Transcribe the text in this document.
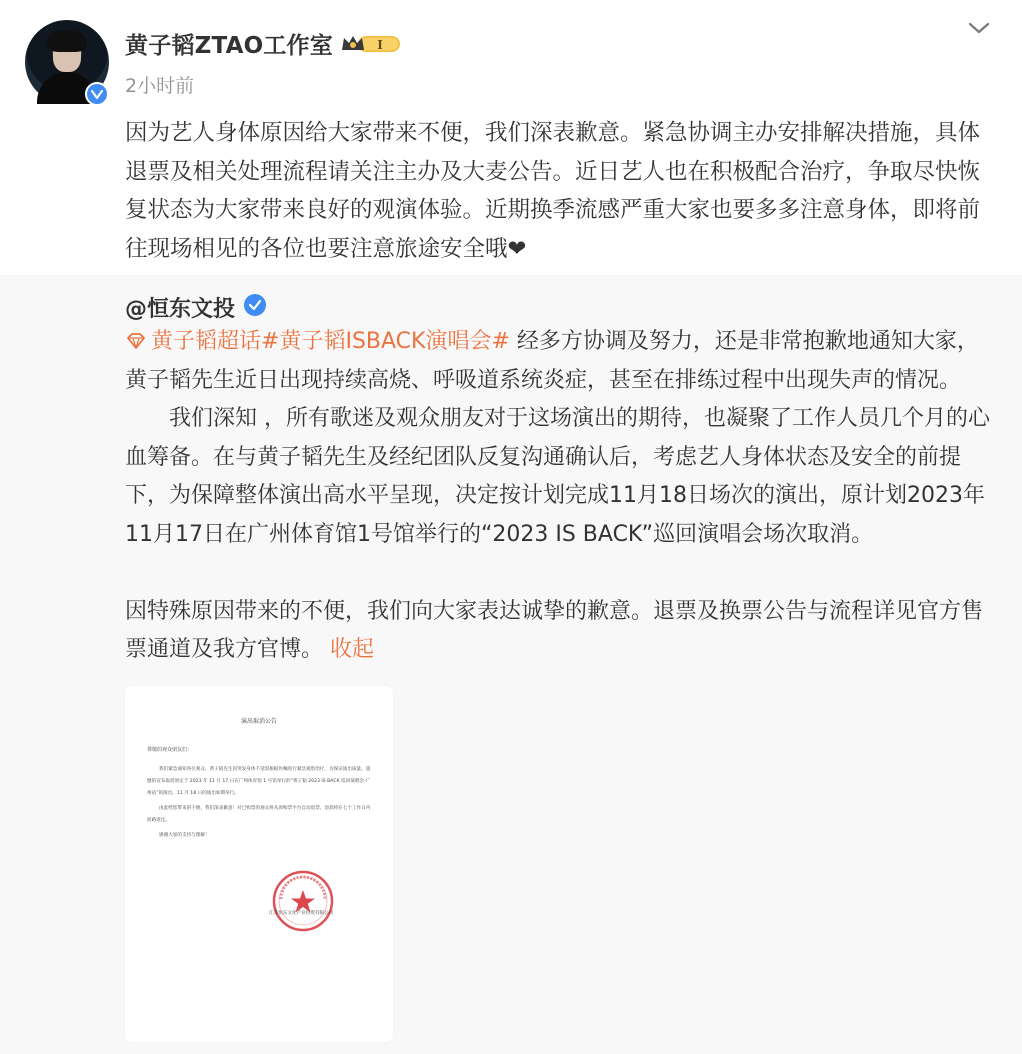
黄子韬ZTAO工作室	I
2小时前
因为艺人身体原因给大家带来不便，我们深表歉意。紧急协调主办安排解决措施，具体退票及相关处理流程请关注主办及大麦公告。近日艺人也在积极配合治疗，争取尽快恢复状态为大家带来良好的观演体验。近期换季流感严重大家也要多多注意身体，即将前往现场相见的各位也要注意旅途安全哦❤
@恒东文投

黄子韬超话#黄子韬ISBACK演唱会# 经多方协调及努力，还是非常抱歉地通知大家，黄子韬先生近日出现持续高烧、呼吸道系统炎症，甚至在排练过程中出现失声的情况。

　　我们深知 ，所有歌迷及观众朋友对于这场演出的期待，也凝聚了工作人员几个月的心血筹备。在与黄子韬先生及经纪团队反复沟通确认后，考虑艺人身体状态及安全的前提下，为保障整体演出高水平呈现，决定按计划完成11月18日场次的演出，原计划2023年11月17日在广州体育馆1号馆举行的“2023 IS BACK”巡回演唱会场次取消。

因特殊原因带来的不便，我们向大家表达诚挚的歉意。退票及换票公告与流程详见官方售票通道及我方官博。 收起

演出取消公告
尊敬的观众朋友们：

我们紧急通知各位观众，黄子韬先生因突发身体不适需根据医嘱进行紧急观察治疗，为保证演出质量，遗憾的宣布取消原定于 2023 年 11 月 17 日在广州体育馆 1 号馆举行的“黄子韬 2023 IS BACK 巡回演唱会-广州站”的演出。11 月 18 日的演出如期举行。

由此给您带来的不便，我们深表歉意！对已购票的观众将从原购票平台自动退票，退款将在七个工作日内原路返还。

感谢大家的支持与理解！

江苏恒东文化产业投资有限公司
